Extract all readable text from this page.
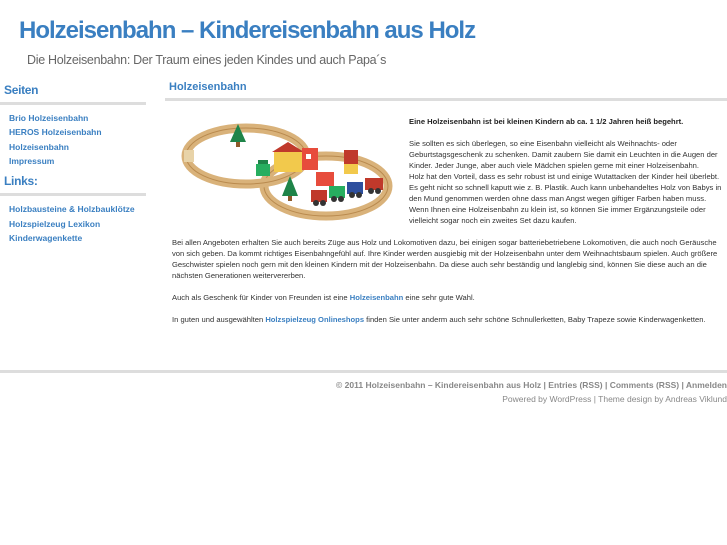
Holzeisenbahn – Kindereisenbahn aus Holz
Die Holzeisenbahn: Der Traum eines jeden Kindes und auch Papa´s
Seiten
Brio Holzeisenbahn
HEROS Holzeisenbahn
Holzeisenbahn
Impressum
Links:
Holzbausteine & Holzbauklötze
Holzspielzeug Lexikon
Kinderwagenkette
Holzeisenbahn

Eine Holzeisenbahn ist bei kleinen Kindern ab ca. 1 1/2 Jahren heiß begehrt.

Sie sollten es sich überlegen, so eine Eisenbahn vielleicht als Weihnachts- oder Geburtstagsgeschenk zu schenken. Damit zaubern Sie damit ein Leuchten in die Augen der Kinder. Jeder Junge, aber auch viele Mädchen spielen gerne mit einer Holzeisenbahn.

Holz hat den Vorteil, dass es sehr robust ist und einige Wutattacken der Kinder heil überlebt. Es geht nicht so schnell kaputt wie z. B. Plastik. Auch kann unbehandeltes Holz von Babys in den Mund genommen werden ohne dass man Angst wegen giftiger Farben haben muss. Wenn Ihnen eine Holzeisenbahn zu klein ist, so können Sie immer Ergänzungsteile oder vielleicht sogar noch ein zweites Set dazu kaufen.

Bei allen Angeboten erhalten Sie auch bereits Züge aus Holz und Lokomotiven dazu, bei einigen sogar batteriebetriebene Lokomotiven, die auch noch Geräusche von sich geben. Da kommt richtiges Eisenbahngefühl auf. Ihre Kinder werden ausgiebig mit der Holzeisenbahn unter dem Weihnachtsbaum spielen. Auch größere Geschwister spielen noch gern mit den kleinen Kindern mit der Holzeisenbahn. Da diese auch sehr beständig und langlebig sind, können Sie diese auch an die nächsten Generationen weitervererben.

Auch als Geschenk für Kinder von Freunden ist eine Holzeisenbahn eine sehr gute Wahl.

In guten und ausgewählten Holzspielzeug Onlineshops finden Sie unter anderm auch sehr schöne Schnullerketten, Baby Trapeze sowie Kinderwagenketten.

© 2011 Holzeisenbahn – Kindereisenbahn aus Holz | Entries (RSS) | Comments (RSS) | Anmelden
Powered by WordPress | Theme design by Andreas Viklund
